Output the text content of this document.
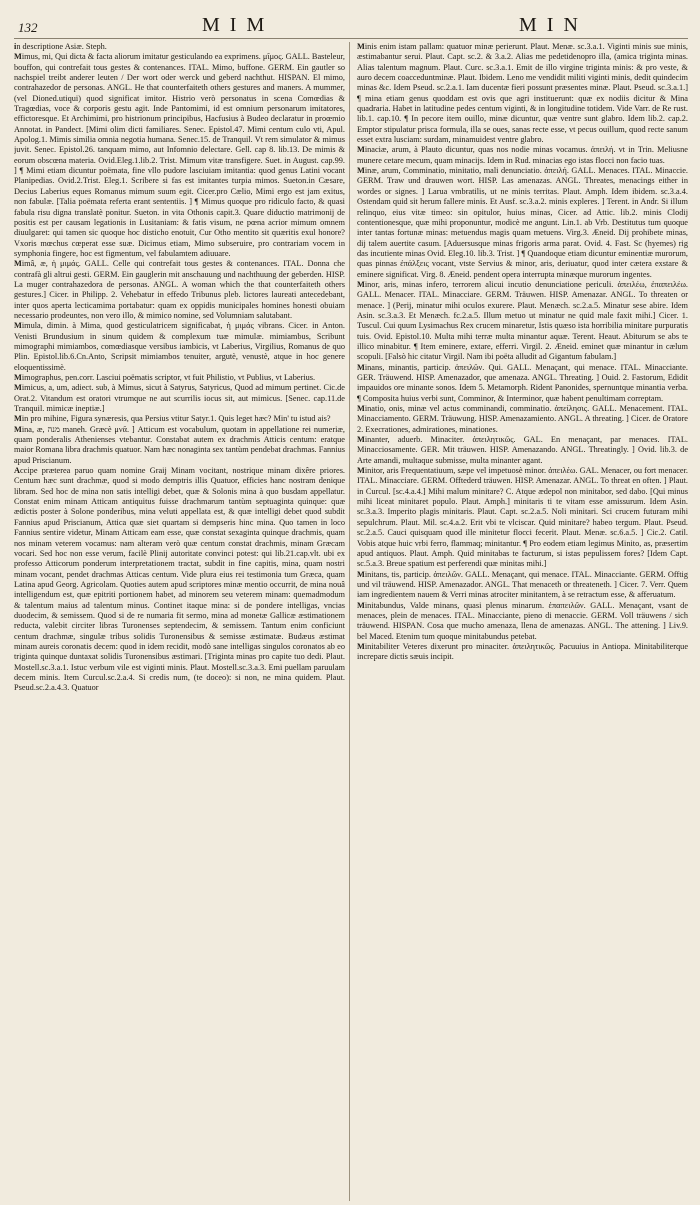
132	MIM	MIN

in descriptione Asiæ. Steph.

Mimus, mi, Qui dicta & facta aliorum imitatur gesticulando ea exprimens. μῖμος. GALL. Basteleur, bouffon, qui contrefait tous gestes & contenances. ITAL. Mimo, buffone. GERM. Ein gautler so nachspiel treibt anderer leuten / Der wort oder werck und geberd nachthut. HISPAN. El mimo, contrahazedor de personas. ANGL. He that counterfaiteth others gestures and maners. A mummer, (vel Dioned.utiqui) quod significat imitor. Histrio verò personatus in scena Comœdias & Tragœdias, voce & corporis gestu agit. Inde Pantomimi, id est omnium personarum imitatores, effictoresque. Et Archimimi, pro histrionum principibus, Hacfusius à Budeo declaratur in proœmio Annotat. in Pandect. [Mimi olim dicti familiares. Senec. Epistol.47. Mimi centum culo vti, Apul. Apolog.1. Mimis similia omnia negotia humana. Senec.15. de Tranquil. Vt rem simulator & mimus juvit. Senec. Epistol.26. tanquam mimo, aut Infomnio delectare. Gell. cap 8. lib.13. De mimis & eorum obscœna materia. Ovid.Eleg.1.lib.2. Trist. Mimum vitæ transfigere. Suet. in August. cap.99. ] ¶ Mimi etiam dicuntur poëmata, fine vllo pudore lasciuiam imitantia: quod genus Latini vocant Planipedias. Ovid.2.Trist. Eleg.1. Scribere si fas est imitantes turpia mimos. Sueton.in Cæsare, Decius Laberius eques Romanus mimum suum egit. Cicer.pro Cælio, Mimi ergo est jam exitus, non fabulæ. [Talia poëmata referta erant sententiis. ] ¶ Mimus quoque pro ridiculo facto, & quasi fabula risu digna translatè ponitur. Sueton. in vita Othonis capit.3. Quare diductio matrimonij de positis est per causam legationis in Lusitaniam: & fatis visum, ne pœna acrior mimum omnem diuulgaret: qui tamen sic quoque hoc disticho enotuit, Cur Otho mentito sit quæritis exul honore? Vxoris mœchus cœperat esse suæ. Dicimus etiam, Mimo subseruire, pro contrariam vocem in symphonia fingere, hoc est figmentum, vel fabulamtem adiuuare.

Mimâ, æ, ἡ μιμάς. GALL. Celle qui contrefait tous gestes & contenances. ITAL. Donna che contrafà gli altrui gesti. GERM. Ein gauglerin mit anschauung und nachthuung der geberden. HISP. La muger contrahazedora de personas. ANGL. A woman which the that counterfaiteth others gestures.] Cicer. in Philipp. 2. Vehebatur in effedo Tribunus pleb. lictores laureati antecedebant, inter quos aperta lecticamima portabatur: quam ex oppidis municipales homines honesti obuiam necessario prodeuntes, non vero illo, & mimico nomine, sed Volumniam salutabant.

Mimula, dimin. à Mima, quod gesticulatricem significabat, ἡ μιμάς vibrans. Cicer. in Anton. Venisti Brundusium in sinum quidem & complexum tuæ mimulæ. mimiambus, Scribunt mimographi mimiambos, comœdiasque versibus iambicis, vt Laberius, Virgilius, Romanus de quo Plin. Epistol.lib.6.Cn.Anto, Scripsit mimiambos tenuiter, argutè, venustè, atque in hoc genere eloquentissimè.

Mimographus, pen.corr. Lasciui poëmatis scriptor, vt fuit Philistio, vt Publius, vt Laberius.

Mimicus, a, um, adiect. sub, à Mimus, sicut à Satyrus, Satyricus, Quod ad mimum pertinet. Cic.de Orat.2. Vitandum est oratori vtrumque ne aut scurrilis iocus sit, aut mimicus. [Senec. cap.11.de Tranquil. mimicæ ineptiæ.]

Min pro mihine, Figura synæresis, qua Persius vtitur Satyr.1. Quis leget hæc? Min' tu istud ais?

Mina, æ, מנה maneh. Græcè μνᾶ. ] Atticum est vocabulum, quotam in appellatione rei numeriæ, quam ponderalis Athenienses vtebantur. Constabat autem ex drachmis Atticis centum: eratque maior Romana libra drachmis quatuor. Nam hæc nonaginta sex tantùm pendebat drachmas. Fannius apud Priscianum.

Accipe præterea paruo quam nomine Graij Minam vocitant, nostrique minam dixêre priores. Centum hæc sunt drachmæ, quod si modo demptris illis Quatuor, efficies hanc nostram denique libram. Sed hoc de mina non satis intelligi debet, quæ & Solonis mina à quo busdam appellatur. Constat enim minam Atticam antiquitus fuisse drachmarum tantùm septuaginta quinque: quæ ædictis poster à Solone ponderibus, mina veluti appellata est, & quæ intelligi debet quod subdit Fannius apud Priscianum, Attica quæ siet quartam si dempseris hinc mina. Quo tamen in loco Fannius sentire videtur, Minam Atticam eam esse, quæ constat sexaginta quinque drachmis, quam nos minam veterem vocamus: nam alteram verò quæ centum constat drachmis, minam Græcam vocari. Sed hoc non esse verum, facilè Plinij autoritate convinci potest: qui lib.21.cap.vlt. ubi ex professo Atticorum ponderum interpretationem tractat, subdit in fine capitis, mina, quam nostri minam vocant, pendet drachmas Atticas centum. Vide plura eius rei testimonia tum Græca, quam Latina apud Georg. Agricolam. Quoties autem apud scriptores minæ mentio occurrit, de mina nouâ intelligendum est, quæ epitriti portionem habet, ad minorem seu veterem minam: quemadmodum & talentum maius ad talentum minus. Continet itaque mina: si de pondere intelligas, vncias duodecim, & semissem. Quod si de re numaria fit sermo, mina ad monetæ Gallicæ æstimationem reducta, valebit circiter libras Turonenses septendecim, & semissem. Tantum enim conficiunt centum drachmæ, singulæ tribus solidis Turonensibus & semisse æstimatæ. Budæus æstimat minam aureis coronatis decem: quod in idem recidit, modò sane intelligas singulos coronatos ab eo triginta quinque duntaxat solidis Turonensibus æstimari. [Triginta minas pro capite tuo dedi. Plaut. Mostell.sc.3.a.1. Istuc verbum vile est viginti minis. Plaut. Mostell.sc.3.a.3. Emi puellam paruulam decem minis. Item Curcul.sc.2.a.4. Si credis num, (te doceo): si non, ne mina quidem. Plaut. Pseud.sc.2.a.4.3. Quatuor

Minis enim istam pallam: quatuor minæ perierunt. Plaut. Menæ. sc.3.a.1. Viginti minis sue minis, æstimabantur serui. Plaut. Capt. sc.2. & 3.a.2. Alias me pedetidenopro illa, (amica triginta minas. Alias talentum magnum. Plaut. Curc. sc.3.a.1. Emit de illo virgine triginta minis: & pro veste, & auro decem coacceduntminæ. Plaut. Ibidem. Leno me vendidit militi viginti minis, dedit quindecim minas &c. Idem Pseud. sc.2.a.1. Iam ducentæ fieri possunt præsentes minæ. Plaut. Pseud. sc.3.a.1.] ¶ mina etiam genus quoddam est ovis que agri instituerunt: quæ ex nodiis dicitur & Mina quadraria. Habet in latitudine pedes centum viginti, & in longitudine totidem. Vide Varr. de Re rust. lib.1. cap.10. ¶ In pecore item ouillo, minæ dicuntur, quæ ventre sunt glabro. Idem lib.2. cap.2. Emptor stipulatur prisca formula, illa se oues, sanas recte esse, vt pecus ouillum, quod recte sanum esset extra lusciam: surdam, minamuidest ventre glabro.

Minaciæ, arum, à Plauto dicuntur, quas nos nodie minas vocamus. ἀπειλή. vt in Trin. Meliusne munere cetare mecum, quam minacijs. Idem in Rud. minacias ego istas flocci non facio tuas.

Minæ, arum, Comminatio, minitatio, mali denunciatio. ἀπειλή. GALL. Menaces. ITAL. Minaccie. GERM. Traw und drauwen wort. HISP. Las amenazas. ANGL. Threates, menacings either in wordes or signes. ] Larua vmbratilis, ut ne minis territas. Plaut. Amph. Idem ibidem. sc.3.a.4. Ostendam quid sit herum fallere minis. Et Ausf. sc.3.a.2. minis expleres. ] Terent. in Andr. Si illum relinquo, eius vitæ timeo: sin opitulor, huius minas, Cicer. ad Attic. lib.2. minis Clodij contentionesque, quæ mihi proponuntur, modicè me angunt. Lin.1. ab Vrb. Destitutus tum quoque inter tantas fortunæ minas: metuendus magis quam metuens. Virg.3. Æneid. Dij prohibete minas, dij talem auertite casum. [Aduersusque minas frigoris arma parat. Ovid. 4. Fast. Sc (hyemes) rig das incutiente minas Ovid. Eleg.10. lib.3. Trist. ] ¶ Quandoque etiam dicuntur eminentiæ murorum, quas pinnas ἐπάλξεις vocant, vtste Servius & minor, aris, deriuatur, quod inter cætera exstare & eminere significat. Virg. 8. Æneid. pendent opera interrupta minæque murorum ingentes.

Minor, aris, minas infero, terrorem alicui incutio denunciatione periculi. ἀπειλέω, ἐπαπειλέω. GALL. Menacer. ITAL. Minacciare. GERM. Träuwen. HISP. Amenazar. ANGL. To threaten or menace. ] (Perij, minatur mihi oculos exurere. Plaut. Menæch. sc.2.a.5. Minatur sese abire. Idem Asin. sc.3.a.3. Et Menæch. fc.2.a.5. Illum metuo ut minatur ne quid male faxit mihi.] Cicer. 1. Tuscul. Cui quum Lysimachus Rex crucem minaretur, Istis quæso ista horribilia minitare purpuratis tuis. Ovid. Epistol.10. Multa mihi terræ multa minantur aquæ. Terent. Heaut. Abiturum se abs te illico minabitur. ¶ Item eminere, extare, efferri. Virgil. 2. Æneid. eminet quæ minantur in cælum scopuli. [Falsò hic citatur Virgil. Nam ibi poëta alludit ad Gigantum fabulam.]

Minans, minantis, particip. ἀπειλῶν. Qui. GALL. Menaçant, qui menace. ITAL. Minacciante. GER. Träuwend. HISP. Amenazador, que amenaza. ANGL. Threating. ] Ouid. 2. Fastorum, Edidit impauidos ore minante sonos. Idem 5. Metamorph. Rident Panonides, spernuntque minantia verba. ¶ Composita huius verbi sunt, Comminor, & Interminor, quæ habent penultimam correptam.

Minatio, onis, minæ vel actus comminandi, comminatio. ἀπείλησις. GALL. Menacement. ITAL. Minacciamento. GERM. Träuwung. HISP. Amenazamiento. ANGL. A threating. ] Cicer. de Oratore 2. Execrationes, admirationes, minationes.

Minanter, aduerb. Minaciter. ἀπειλητικῶς. GAL. En menaçant, par menaces. ITAL. Minacciosamente. GER. Mit träuwen. HISP. Amenazando. ANGL. Threatingly. ] Ovid. lib.3. de Arte amandi, multaque submisse, multa minanter agant.

Minitor, aris Frequentatiuum, sæpe vel impetuosè minor. ἀπειλέω. GAL. Menacer, ou fort menacer. ITAL. Minacciare. GERM. Offtederd träuwen. HISP. Amenazar. ANGL. To threat en often. ] Plaut. in Curcul. [sc.4.a.4.] Mihi malum minitare? C. Atque ædepol non minitabor, sed dabo. [Qui minus mihi liceat minitaret populo. Plaut. Amph.] minitaris ti te vitam esse amissurum. Idem Asin. sc.3.a.3. Imperito plagis minitaris. Plaut. Capt. sc.2.a.5. Noli minitari. Sci crucem futuram mihi sepulchrum. Plaut. Mil. sc.4.a.2. Erit vbi te vlciscar. Quid minitare? habeo tergum. Plaut. Pseud. sc.2.a.5. Cauci quisquam quod ille minitetur flocci fecerit. Plaut. Menæ. sc.6.a.5. ] Cic.2. Catil. Vobis atque huic vrbi ferro, flammaq; minitantur. ¶ Pro eodem etiam legimus Minito, as, præsertim apud antiquos. Plaut. Amph. Quid minitabas te facturum, si istas pepulissem fores? [Idem Capt. sc.5.a.3. Breue spatium est perferendi quæ minitas mihi.]

Minitans, tis, particip. ἀπειλῶν. GALL. Menaçant, qui menace. ITAL. Minacciante. GERM. Offtig und vil träuwend. HISP. Amenazador. ANGL. That menaceth or threateneth. ] Cicer. 7. Verr. Quem iam ingredientem nauem & Verri minas atrociter minitantem, à se retractum esse, & afferuatum.

Minitabundus, Valde minans, quasi plenus minarum. ἐπαπειλῶν. GALL. Menaçant, vsant de menaces, plein de menaces. ITAL. Minacciante, pieno di menaccie. GERM. Voll träuwens / sich träuwend. HISPAN. Cosa que mucho amenaza, llena de amenazas. ANGL. The attening. ] Liv.9. bel Maced. Etenim tum quoque minitabundus petebat.

Minitabiliter Veteres dixerunt pro minaciter. ἀπειλητικῶς. Pacuuius in Antiopa. Minitabiliterque increpare dictis sæuis incipit.
